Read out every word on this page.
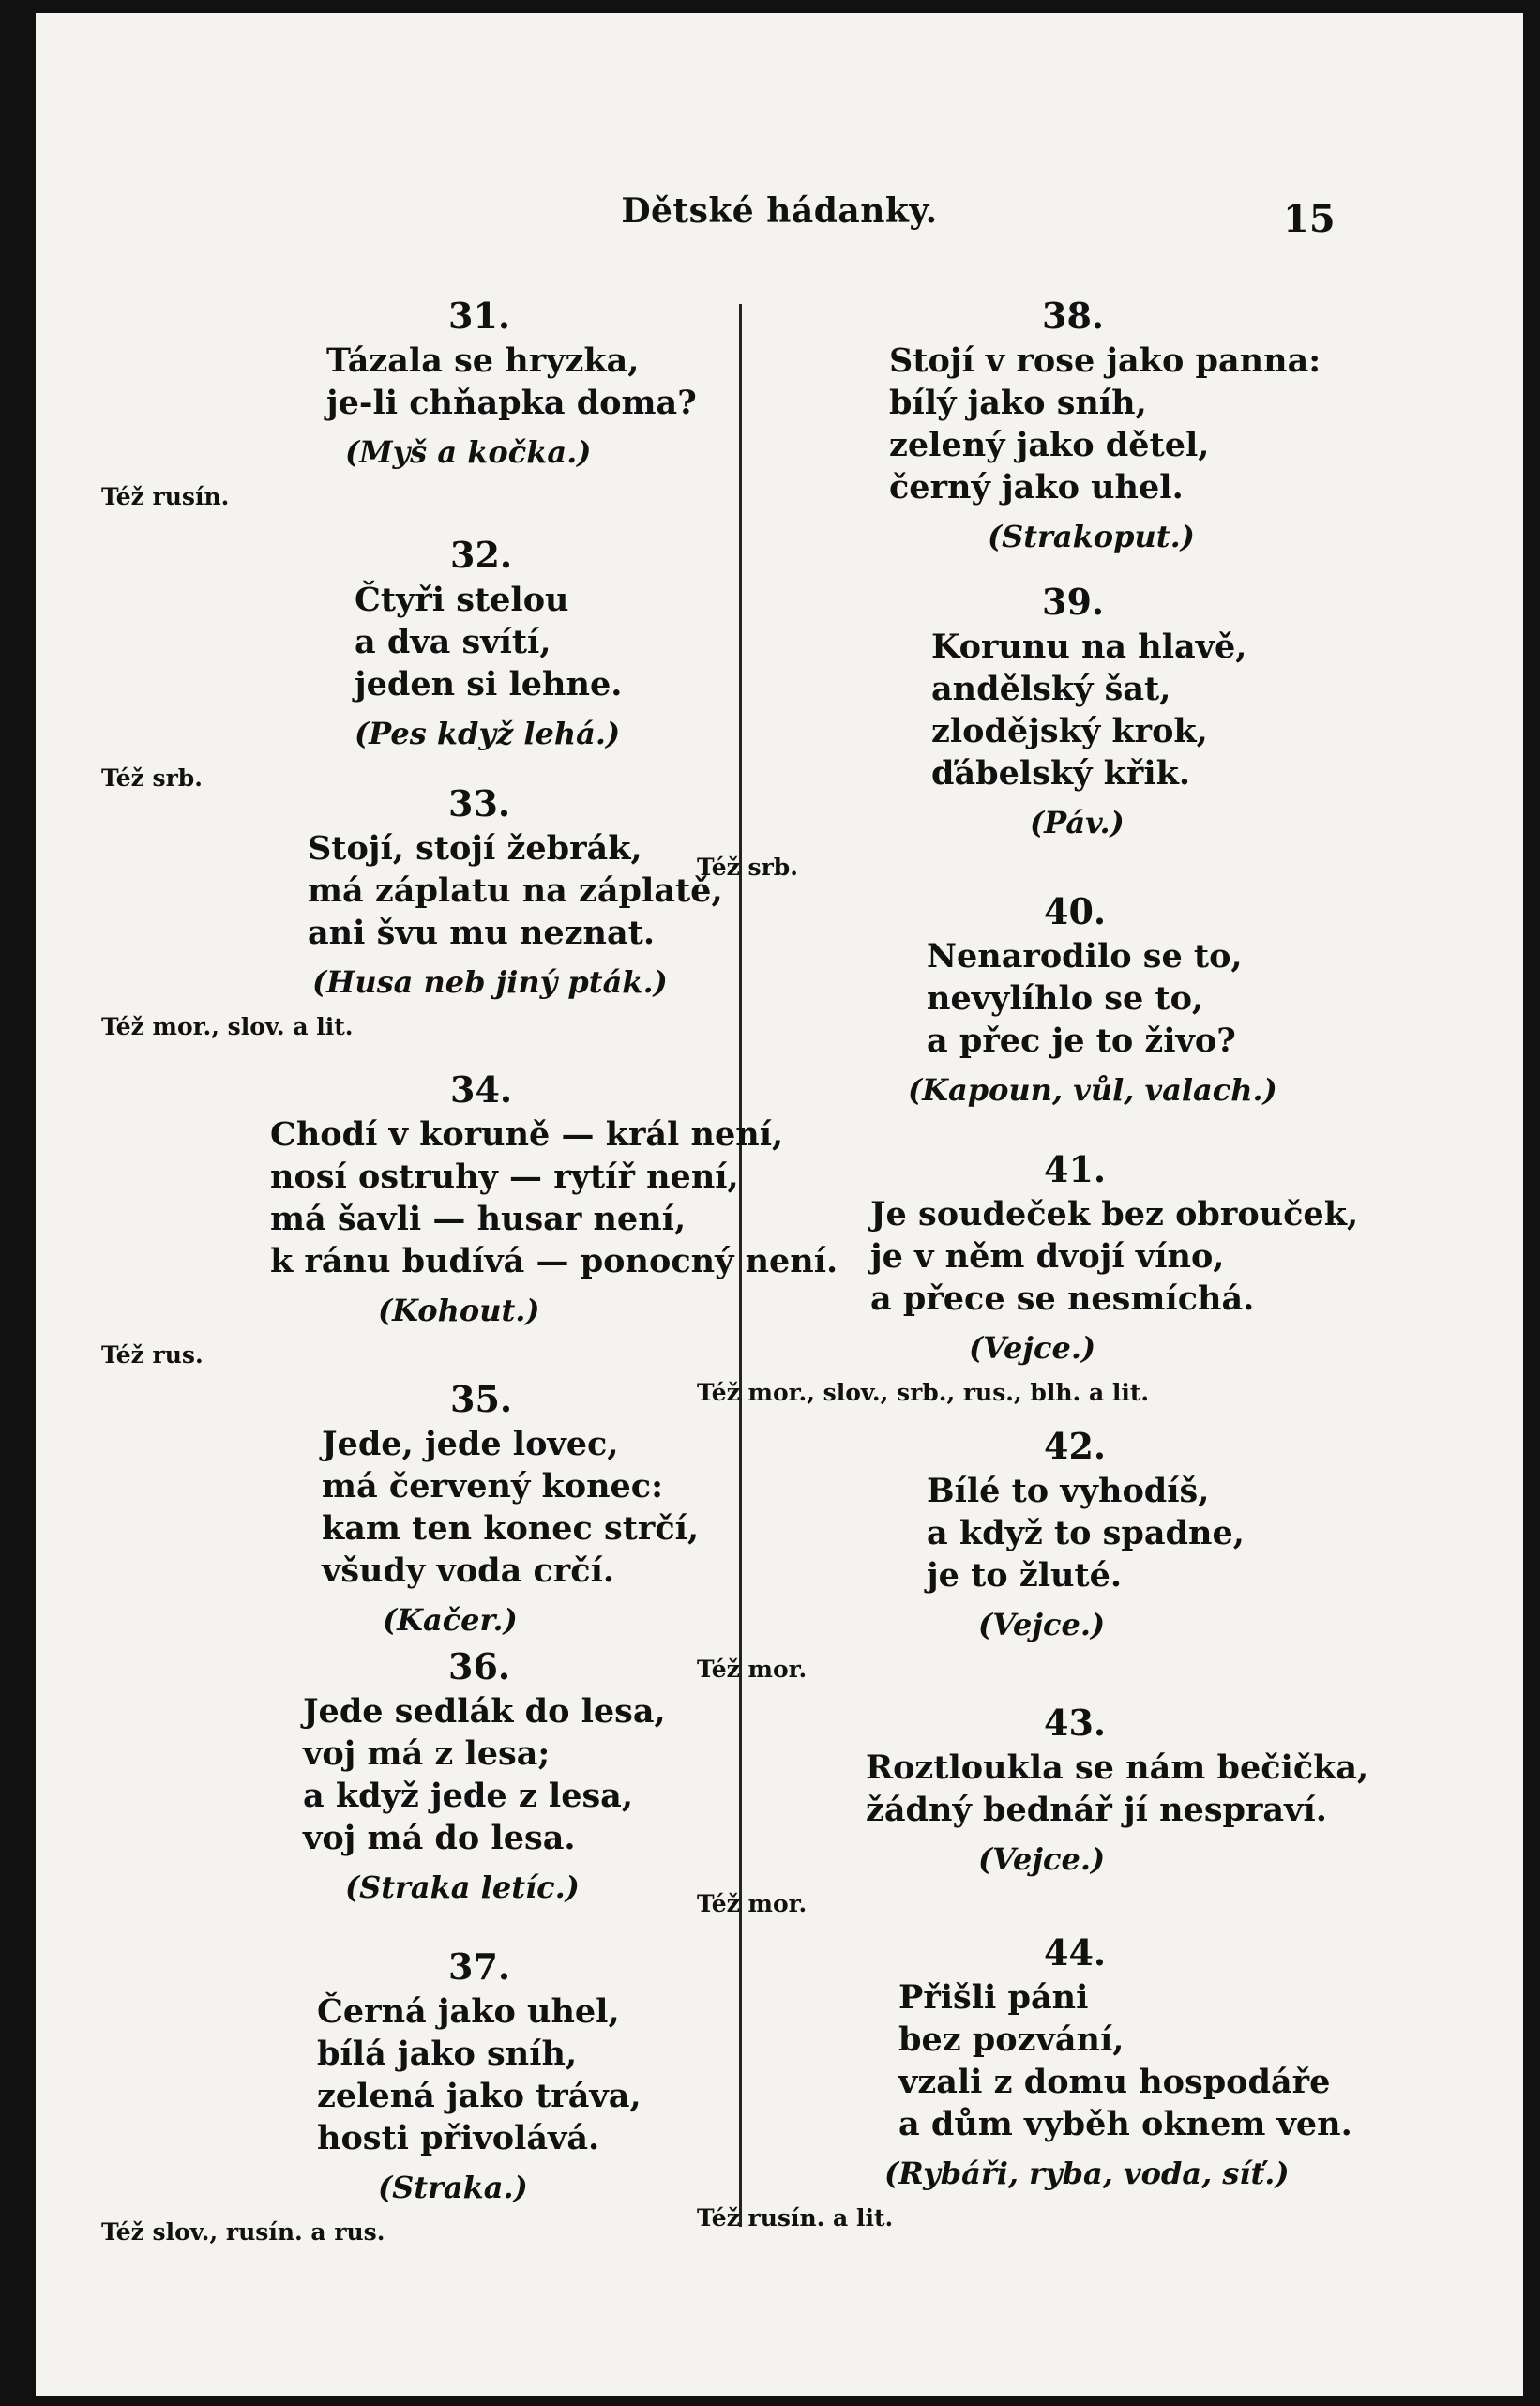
Dětské hádanky.	15
31.
Tázala se hryzka,
je-li chňapka doma?
(Myš a kočka.)
Též rusín.
32.
Čtyři stelou
a dva svítí,
jeden si lehne.
(Pes když lehá.)
Též srb.
33.
Stojí, stojí žebrák,
má záplatu na záplatě,
ani švu mu neznat.
(Husa neb jiný pták.)
Též mor., slov. a lit.
34.
Chodí v koruně — král není,
nosí ostruhy — rytíř není,
má šavli — husar není,
k ránu budívá — ponocný není.
(Kohout.)
Též rus.
35.
Jede, jede lovec,
má červený konec:
kam ten konec strčí,
všudy voda crčí.
(Kačer.)
36.
Jede sedlák do lesa,
voj má z lesa;
a když jede z lesa,
voj má do lesa.
(Straka letíc.)
37.
Černá jako uhel,
bílá jako sníh,
zelená jako tráva,
hosti přivolává.
(Straka.)
Též slov., rusín. a rus.
38.
Stojí v rose jako panna:
bílý jako sníh,
zelený jako dětel,
černý jako uhel.
(Strakoput.)
39.
Korunu na hlavě,
andělský šat,
zlodějský krok,
ďábelský křik.
(Páv.)
Též srb.
40.
Nenarodilo se to,
nevylíhlo se to,
a přec je to živo?
(Kapoun, vůl, valach.)
41.
Je soudeček bez obrouček,
je v něm dvojí víno,
a přece se nesmíchá.
(Vejce.)
Též mor., slov., srb., rus., blh. a lit.
42.
Bílé to vyhodíš,
a když to spadne,
je to žluté.
(Vejce.)
Též mor.
43.
Roztloukla se nám bečička,
žádný bednář jí nespraví.
(Vejce.)
Též mor.
44.
Přišli páni
bez pozvání,
vzali z domu hospodáře
a dům vyběh oknem ven.
(Rybáři, ryba, voda, síť.)
Též rusín. a lit.
